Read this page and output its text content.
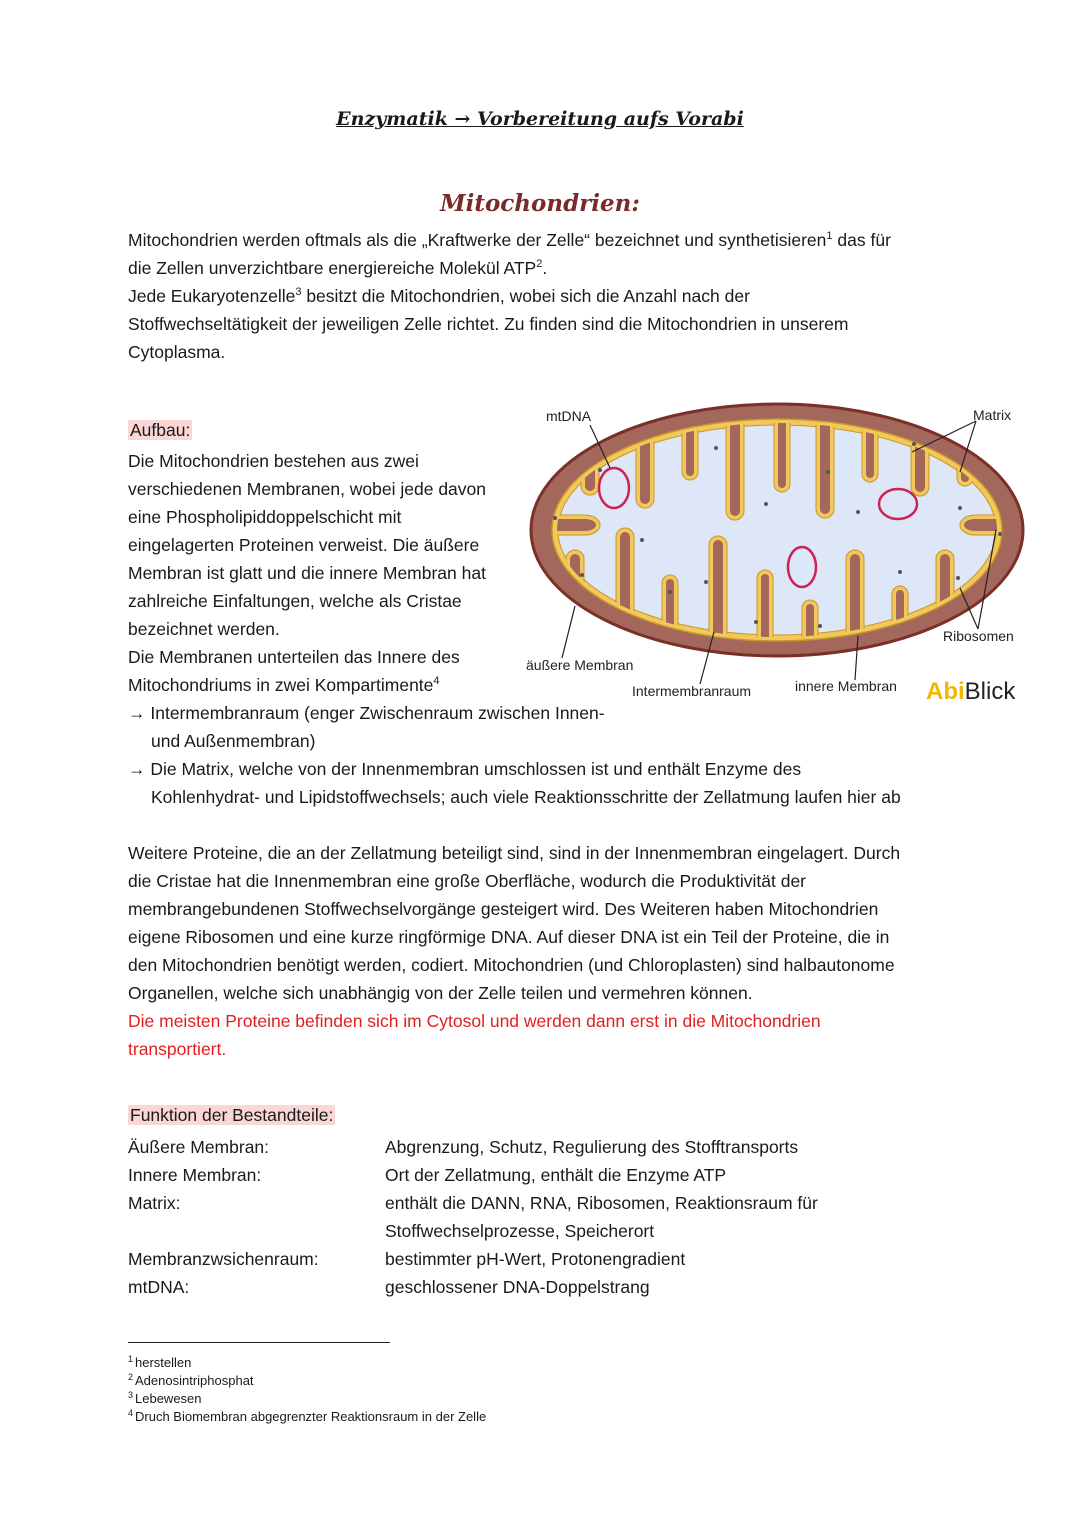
Enzymatik → Vorbereitung aufs Vorabi
Mitochondrien:
Mitochondrien werden oftmals als die „Kraftwerke der Zelle“ bezeichnet und synthetisieren$^1$ das für
die Zellen unverzichtbare energiereiche Molekül ATP$^2$.
Jede Eukaryotenzelle$^3$ besitzt die Mitochondrien, wobei sich die Anzahl nach der
Stoffwechseltätigkeit der jeweiligen Zelle richtet. Zu finden sind die Mitochondrien in unserem
Cytoplasma.
Aufbau:
Die Mitochondrien bestehen aus zwei
verschiedenen Membranen, wobei jede davon
eine Phospholipiddoppelschicht mit
eingelagerten Proteinen verweist. Die äußere
Membran ist glatt und die innere Membran hat
zahlreiche Einfaltungen, welche als Cristae
bezeichnet werden.
Die Membranen unterteilen das Innere des
Mitochondriums in zwei Kompartimente$^4$
→ Intermembranraum (enger Zwischenraum zwischen Innen-
und Außenmembran)
→ Die Matrix, welche von der Innenmembran umschlossen ist und enthält Enzyme des
Kohlenhydrat- und Lipidstoffwechsels; auch viele Reaktionsschritte der Zellatmung laufen hier ab
mtDNA	Matrix
Ribosomen
äußere Membran
Intermembranraum	innere Membran AbiBlick
Weitere Proteine, die an der Zellatmung beteiligt sind, sind in der Innenmembran eingelagert. Durch
die Cristae hat die Innenmembran eine große Oberfläche, wodurch die Produktivität der
membrangebundenen Stoffwechselvorgänge gesteigert wird. Des Weiteren haben Mitochondrien
eigene Ribosomen und eine kurze ringförmige DNA. Auf dieser DNA ist ein Teil der Proteine, die in
den Mitochondrien benötigt werden, codiert. Mitochondrien (und Chloroplasten) sind halbautonome
Organellen, welche sich unabhängig von der Zelle teilen und vermehren können.
Die meisten Proteine befinden sich im Cytosol und werden dann erst in die Mitochondrien
transportiert.
Funktion der Bestandteile:
Äußere Membran:	Abgrenzung, Schutz, Regulierung des Stofftransports
Innere Membran:	Ort der Zellatmung, enthält die Enzyme ATP
Matrix:	enthält die DANN, RNA, Ribosomen, Reaktionsraum für
Stoffwechselprozesse, Speicherort
Membranzwsichenraum:	bestimmter pH-Wert, Protonengradient
mtDNA:	geschlossener DNA-Doppelstrang
$^1$ herstellen
$^2$ Adenosintriphosphat
$^3$ Lebewesen
$^4$ Druch Biomembran abgegrenzter Reaktionsraum in der Zelle
